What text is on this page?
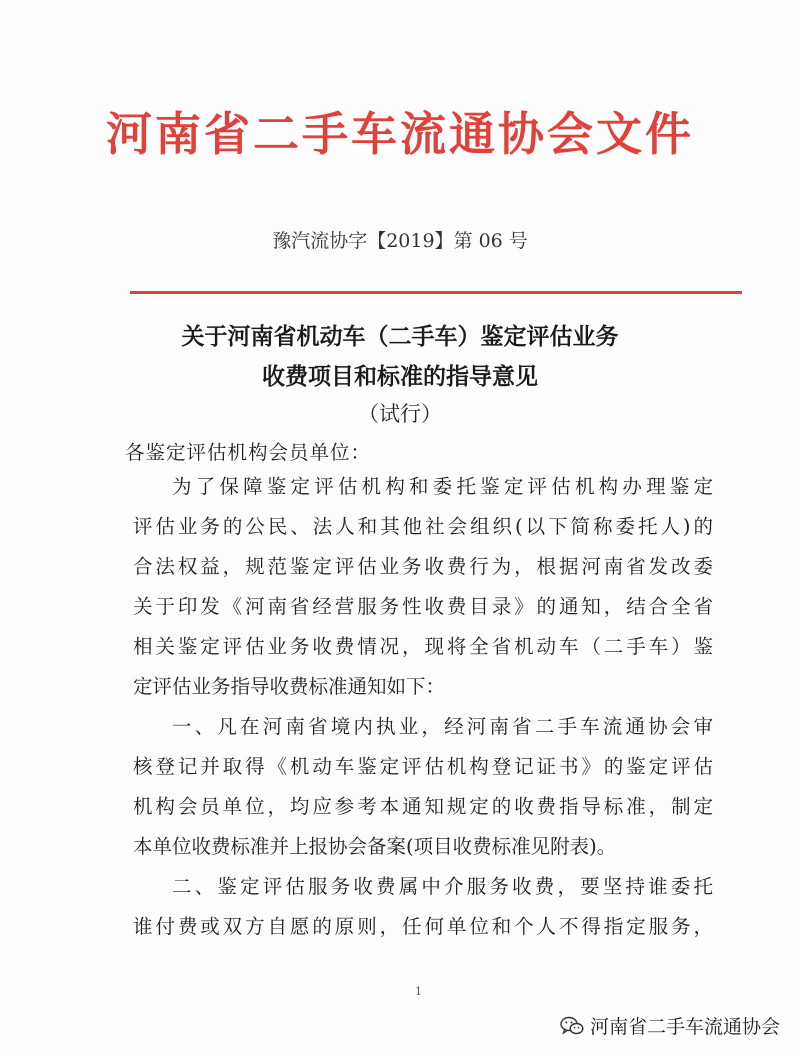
河南省二手车流通协会文件
豫汽流协字【2019】第 06 号
关于河南省机动车（二手车）鉴定评估业务
收费项目和标准的指导意见
（试行）
各鉴定评估机构会员单位：
为了保障鉴定评估机构和委托鉴定评估机构办理鉴定
评估业务的公民、法人和其他社会组织(以下简称委托人)的
合法权益，规范鉴定评估业务收费行为，根据河南省发改委
关于印发《河南省经营服务性收费目录》的通知，结合全省
相关鉴定评估业务收费情况，现将全省机动车（二手车）鉴
定评估业务指导收费标准通知如下：
一、凡在河南省境内执业，经河南省二手车流通协会审
核登记并取得《机动车鉴定评估机构登记证书》的鉴定评估
机构会员单位，均应参考本通知规定的收费指导标准，制定
本单位收费标准并上报协会备案(项目收费标准见附表)。
二、鉴定评估服务收费属中介服务收费，要坚持谁委托
谁付费或双方自愿的原则，任何单位和个人不得指定服务，
1
河南省二手车流通协会
